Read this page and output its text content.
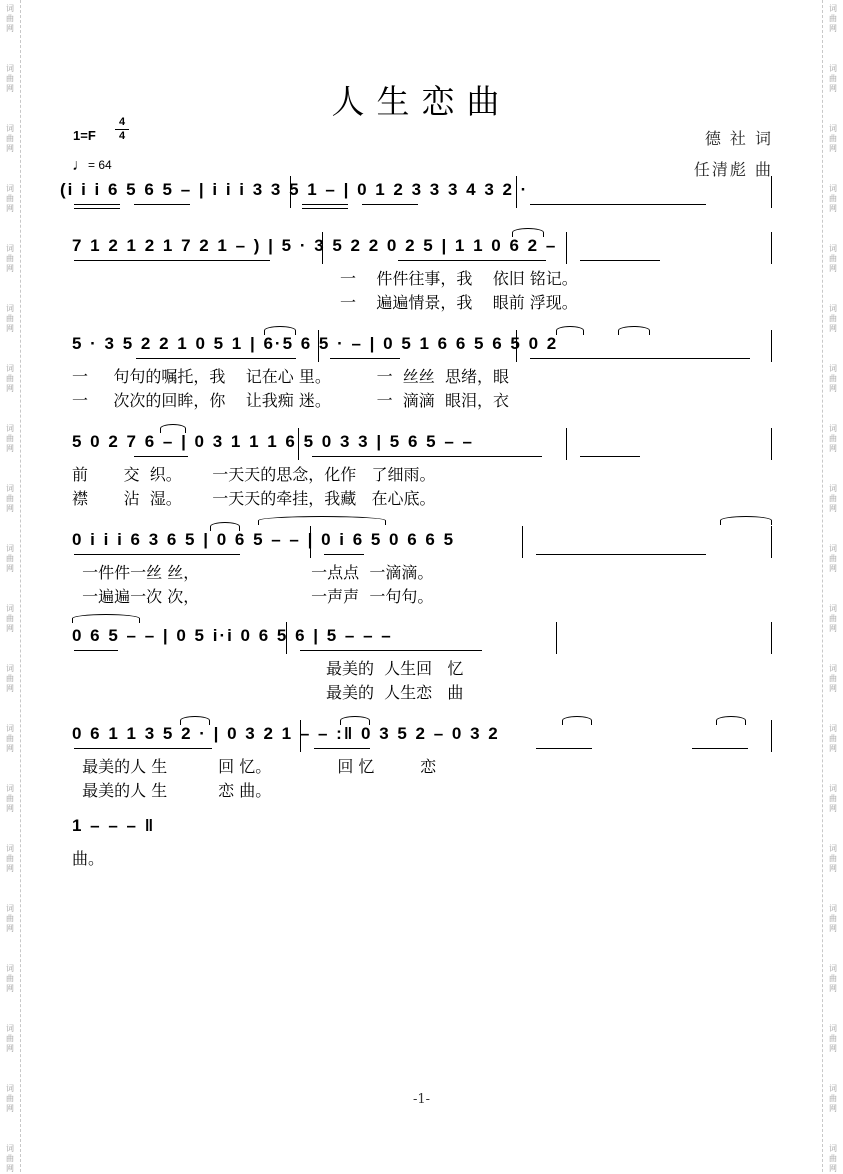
词
曲
网
词
曲
网
词
曲
网
词
曲
网
词
曲
网
词
曲
网
词
曲
网
词
曲
网
词
曲
网
词
曲
网
词
曲
网
词
曲
网
词
曲
网
词
曲
网
词
曲
网
词
曲
网
词
曲
网
词
曲
网
词
曲
网
词
曲
网
词
曲
网
词
曲
网
词
曲
网
词
曲
网
词
曲
网
词
曲
网
词
曲
网
词
曲
网
词
曲
网
词
曲
网
词
曲
网
词
曲
网
词
曲
网
词
曲
网
词
曲
网
词
曲
网
词
曲
网
词
曲
网
词
曲
网
词
曲
网
人生恋曲
1=F
4
4
♩= 64
德 社 词
任清彪 曲
(i i i 6 5 6 5 – | i i i 3 3 5 1 – | 0 1 2 3 3 3 4 3 2 ·
7 1 2 1 2 1 7 2 1 – ) | 5 · 3 5 2 2 0 2 5 | 1 1 0 6 2 –
一    件件往事，我    依旧 铭记。
一    遍遍情景，我    眼前 浮现。
5 · 3 5 2 2 1 0 5 1 | 6·5 6 5 · – | 0 5 1 6 6 5 6 5 0 2
一     句句的嘱托，我    记在心 里。         一  丝丝  思绪，眼
一     次次的回眸，你    让我痴 迷。         一  滴滴  眼泪，衣
5 0 2 7 6 – | 0 3 1 1 1 6 5 0 3 3 | 5 6 5 – –
前       交  织。      一天天的思念，化作   了细雨。
襟       沾  湿。      一天天的牵挂，我藏   在心底。
0 i i i 6 3 6 5 | 0 6 5 – – | 0 i 6 5 0 6 6 5
一件件一丝 丝，                      一点点  一滴滴。
一遍遍一次 次，                      一声声  一句句。
0 6 5 – – | 0 5 i·i 0 6 5 6 | 5 – – –
最美的  人生回   忆
最美的  人生恋   曲
0 6 1 1 3 5 2 · | 0 3 2 1 – – :‖ 0 3 5 2 – 0 3 2
最美的人 生          回 忆。             回 忆         恋
最美的人 生          恋 曲。
1 – – – ‖
曲。
-1-
